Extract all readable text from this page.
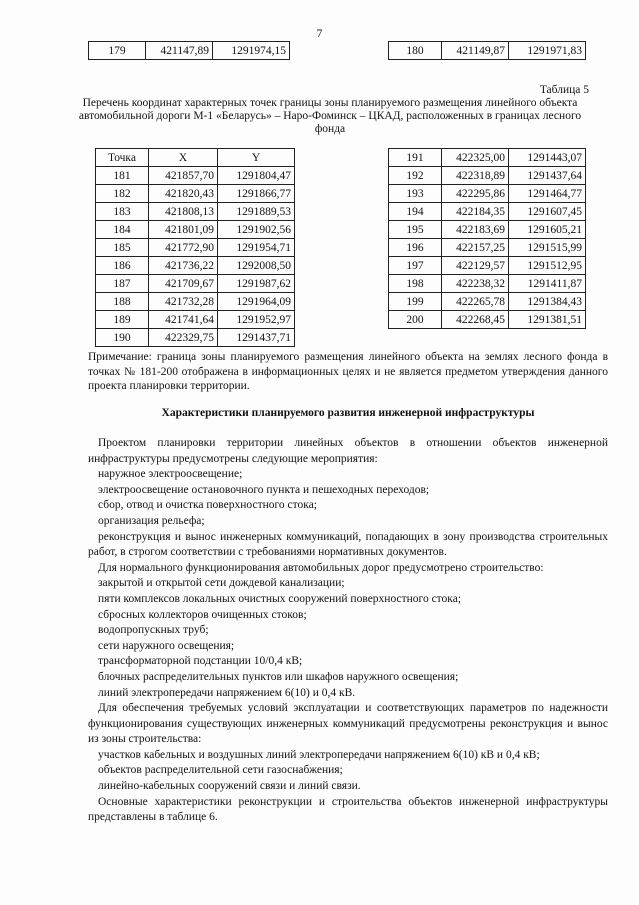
7
179	421147,89	1291974,15	180	421149,87	1291971,83
Таблица 5
Перечень координат характерных точек границы зоны планируемого размещения линейного объекта автомобильной дороги М-1 «Беларусь» – Наро-Фоминск – ЦКАД, расположенных в границах лесного фонда
Точка	X	Y
181	421857,70	1291804,47
182	421820,43	1291866,77
183	421808,13	1291889,53
184	421801,09	1291902,56
185	421772,90	1291954,71
186	421736,22	1292008,50
187	421709,67	1291987,62
188	421732,28	1291964,09
189	421741,64	1291952,97
190	422329,75	1291437,71
191	422325,00	1291443,07
192	422318,89	1291437,64
193	422295,86	1291464,77
194	422184,35	1291607,45
195	422183,69	1291605,21
196	422157,25	1291515,99
197	422129,57	1291512,95
198	422238,32	1291411,87
199	422265,78	1291384,43
200	422268,45	1291381,51
Примечание: граница зоны планируемого размещения линейного объекта на землях лесного фонда в точках № 181-200 отображена в информационных целях и не является предметом утверждения данного проекта планировки территории.
Характеристики планируемого развития инженерной инфраструктуры

Проектом планировки территории линейных объектов в отношении объектов инженерной инфраструктуры предусмотрены следующие мероприятия:

наружное электроосвещение;

электроосвещение остановочного пункта и пешеходных переходов;

сбор, отвод и очистка поверхностного стока;

организация рельефа;

реконструкция и вынос инженерных коммуникаций, попадающих в зону производства строительных работ, в строгом соответствии с требованиями нормативных документов.

Для нормального функционирования автомобильных дорог предусмотрено строительство:

закрытой и открытой сети дождевой канализации;

пяти комплексов локальных очистных сооружений поверхностного стока;

сбросных коллекторов очищенных стоков;

водопропускных труб;

сети наружного освещения;

трансформаторной подстанции 10/0,4 кВ;

блочных распределительных пунктов или шкафов наружного освещения;

линий электропередачи напряжением 6(10) и 0,4 кВ.

Для обеспечения требуемых условий эксплуатации и соответствующих параметров по надежности функционирования существующих инженерных коммуникаций предусмотрены реконструкция и вынос из зоны строительства:

участков кабельных и воздушных линий электропередачи напряжением 6(10) кВ и 0,4 кВ;

объектов распределительной сети газоснабжения;

линейно-кабельных сооружений связи и линий связи.

Основные характеристики реконструкции и строительства объектов инженерной инфраструктуры представлены в таблице 6.
